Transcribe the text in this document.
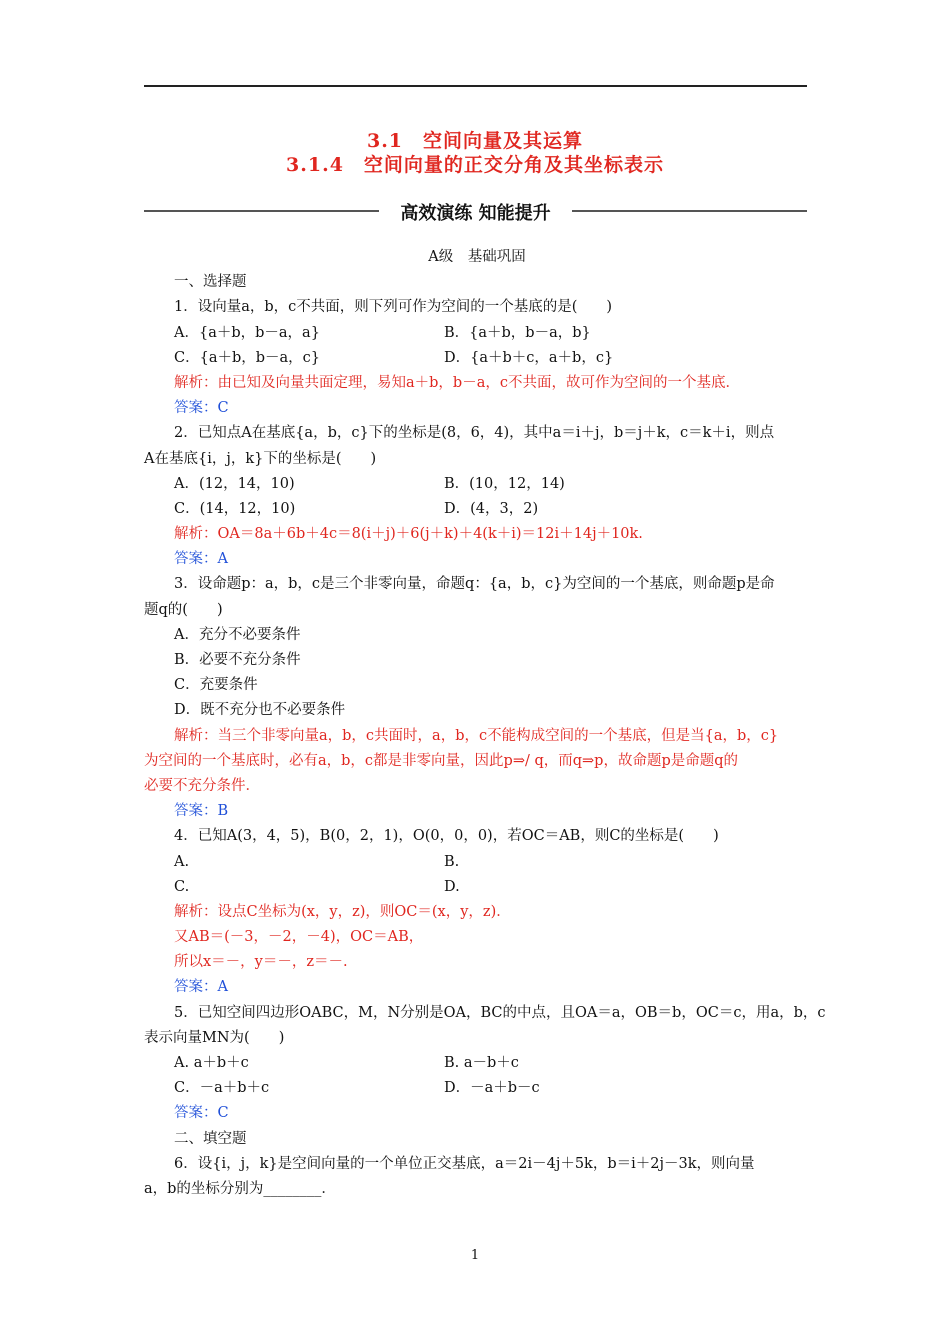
3.1　空间向量及其运算
3.1.4　空间向量的正交分角及其坐标表示
高效演练 知能提升
A级　基础巩固
一、选择题
1．设向量a，b，c不共面，则下列可作为空间的一个基底的是(　　)
A．{a＋b，b－a，a}	B．{a＋b，b－a，b}
C．{a＋b，b－a，c}	D．{a＋b＋c，a＋b，c}
解析：由已知及向量共面定理，易知a＋b，b－a，c不共面，故可作为空间的一个基底．
答案：C
2．已知点A在基底{a，b，c}下的坐标是(8，6，4)，其中a＝i＋j，b＝j＋k，c＝k＋i，则点
A在基底{i，j，k}下的坐标是(　　)
A．(12，14，10)	B．(10，12，14)
C．(14，12，10)	D．(4，3，2)
解析：OA＝8a＋6b＋4c＝8(i＋j)＋6(j＋k)＋4(k＋i)＝12i＋14j＋10k.
答案：A
3．设命题p：a，b，c是三个非零向量，命题q：{a，b，c}为空间的一个基底，则命题p是命
题q的(　　)
A．充分不必要条件
B．必要不充分条件
C．充要条件
D．既不充分也不必要条件
解析：当三个非零向量a，b，c共面时，a，b，c不能构成空间的一个基底，但是当{a，b，c}
为空间的一个基底时，必有a，b，c都是非零向量，因此p⇒/ q，而q⇒p，故命题p是命题q的
必要不充分条件．
答案：B
4．已知A(3，4，5)，B(0，2，1)，O(0，0，0)，若OC＝AB，则C的坐标是(　　)
A.	B.
C.	D.
解析：设点C坐标为(x，y，z)，则OC＝(x，y，z)．
又AB＝(－3，－2，－4)，OC＝AB，
所以x＝－，y＝－，z＝－.
答案：A
5．已知空间四边形OABC，M，N分别是OA，BC的中点，且OA＝a，OB＝b，OC＝c，用a，b，c
表示向量MN为(　　)
A. a＋b＋c	B. a－b＋c
C．－a＋b＋c	D．－a＋b－c
答案：C
二、填空题
6．设{i，j，k}是空间向量的一个单位正交基底，a＝2i－4j＋5k，b＝i＋2j－3k，则向量
a，b的坐标分别为________．
1
